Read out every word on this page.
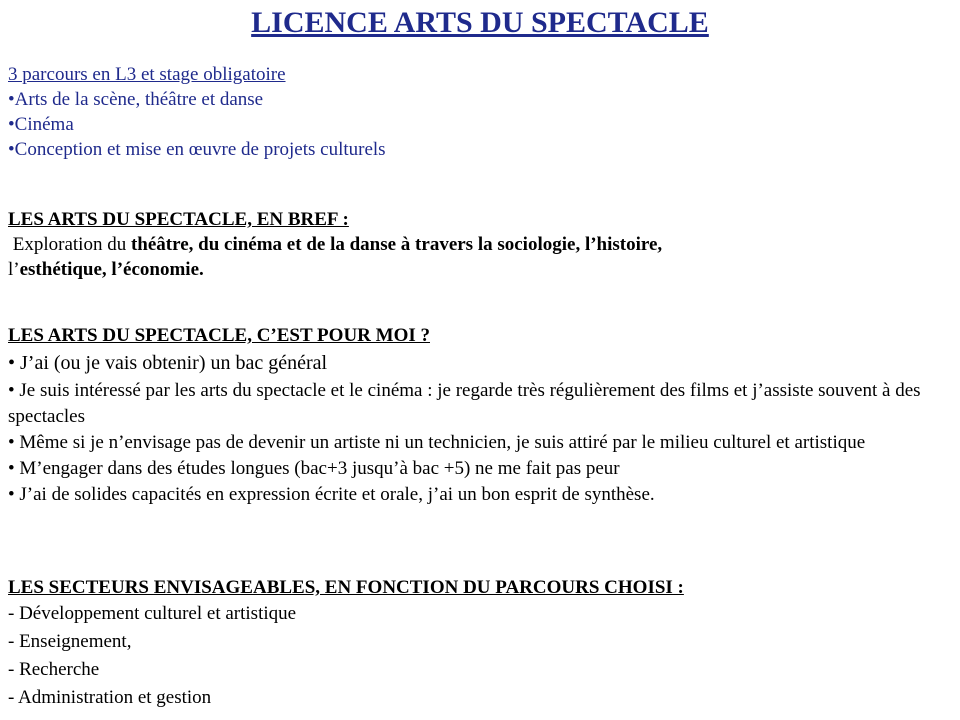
LICENCE ARTS DU SPECTACLE
3 parcours en L3 et stage obligatoire
•Arts de la scène, théâtre et danse
•Cinéma
•Conception et mise en œuvre de projets culturels
LES ARTS DU SPECTACLE, EN BREF :
Exploration du théâtre, du cinéma et de la danse à travers la sociologie, l’histoire,
l’esthétique, l’économie.
LES ARTS DU SPECTACLE, C’EST POUR MOI ?
• J’ai (ou je vais obtenir) un bac général
• Je suis intéressé par les arts du spectacle et le cinéma : je regarde très régulièrement des films et j’assiste souvent à des spectacles
• Même si je n’envisage pas de devenir un artiste ni un technicien, je suis attiré par le milieu culturel et artistique
• M’engager dans des études longues (bac+3 jusqu’à bac +5) ne me fait pas peur
• J’ai de solides capacités en expression écrite et orale, j’ai un bon esprit de synthèse.
LES SECTEURS ENVISAGEABLES, EN FONCTION DU PARCOURS CHOISI :
- Développement culturel et artistique
- Enseignement,
- Recherche
- Administration et gestion
